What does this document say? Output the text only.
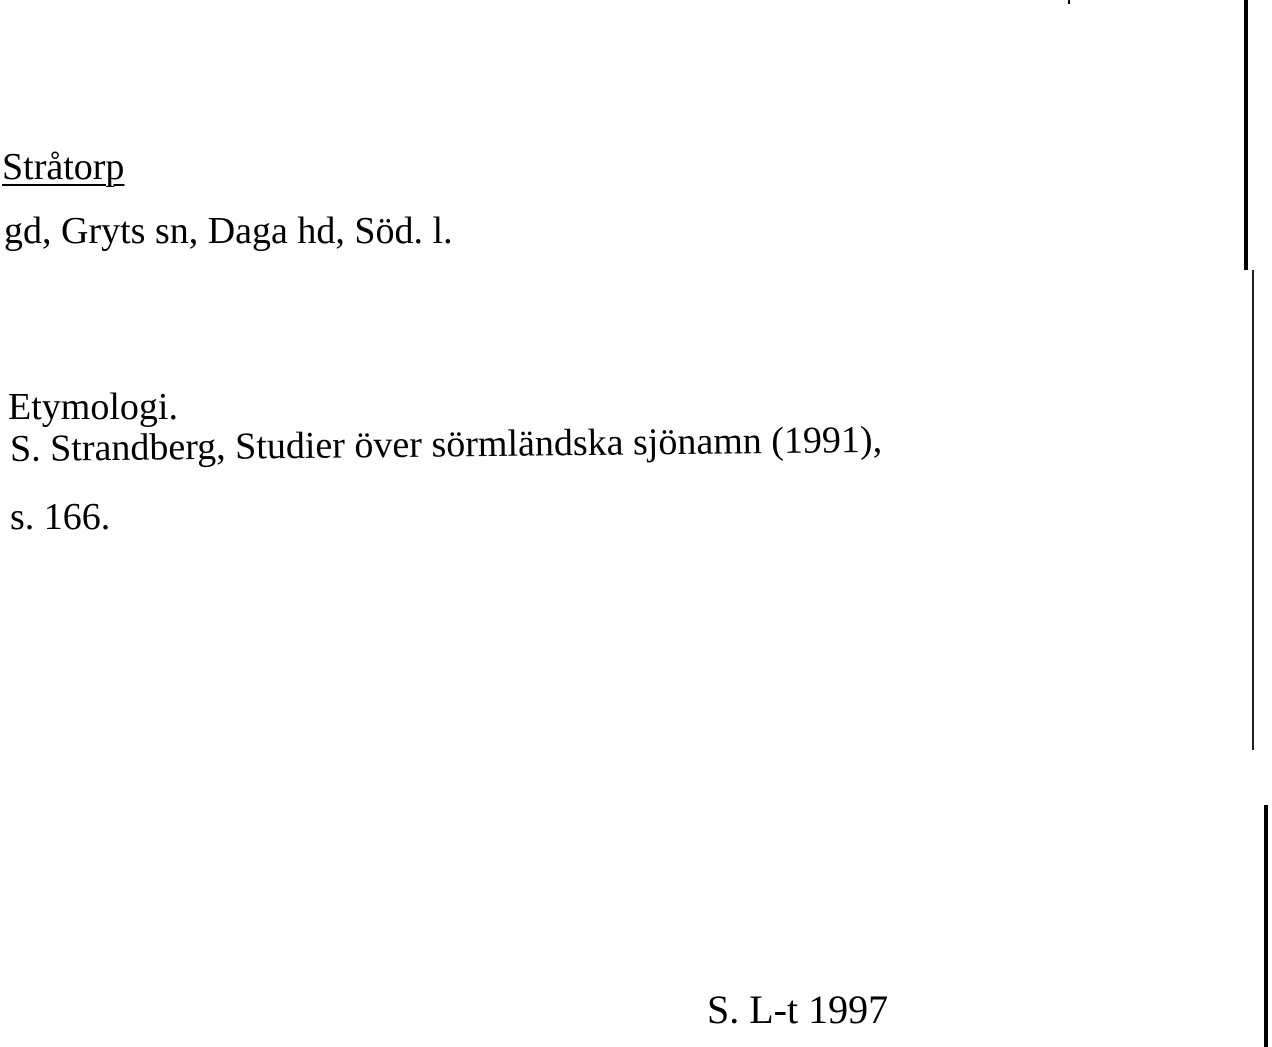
Stråtorp
gd, Gryts sn, Daga hd, Söd. l.
Etymologi.
S. Strandberg, Studier över sörmländska sjönamn (1991),
s. 166.
S. L-t 1997
